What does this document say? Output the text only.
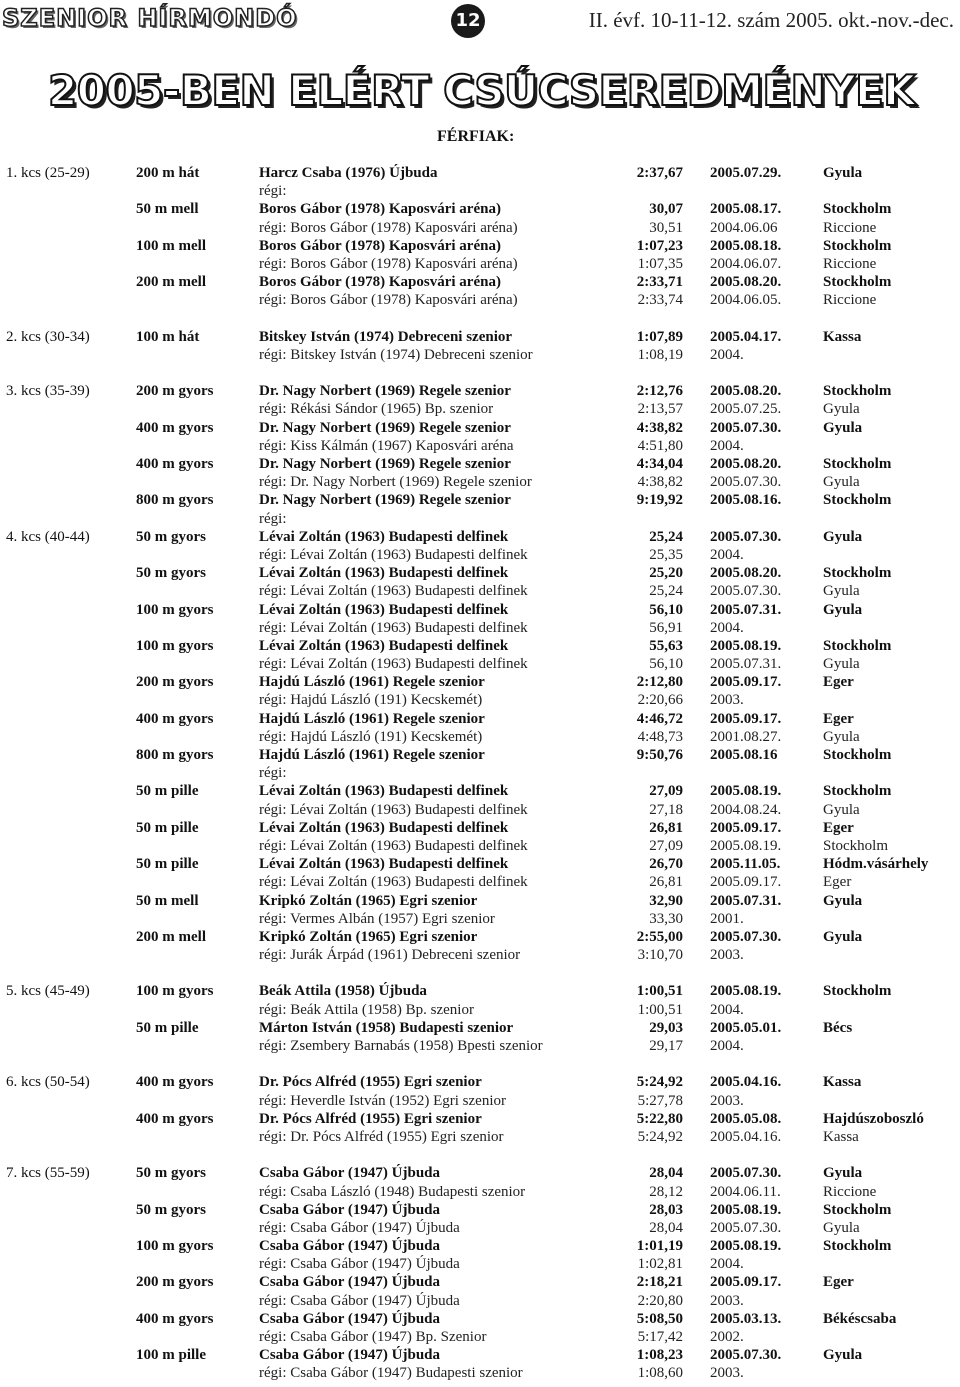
SZENIOR HÍRMONDÓ	12	II. évf. 10-11-12. szám 2005. okt.-nov.-dec.
2005-BEN ELÉRT CSÚCSEREDMÉNYEK
FÉRFIAK:
1. kcs (25-29)	200 m hát	Harcz Csaba (1976) Újbuda	2:37,67 2005.07.29.	Gyula
régi:
50 m mell	Boros Gábor (1978) Kaposvári aréna)	30,07 2005.08.17.	Stockholm
régi: Boros Gábor (1978) Kaposvári aréna)	30,51 2004.06.06	Riccione
100 m mell	Boros Gábor (1978) Kaposvári aréna)	1:07,23 2005.08.18.	Stockholm
régi: Boros Gábor (1978) Kaposvári aréna)	1:07,35 2004.06.07.	Riccione
200 m mell	Boros Gábor (1978) Kaposvári aréna)	2:33,71 2005.08.20.	Stockholm
régi: Boros Gábor (1978) Kaposvári aréna)	2:33,74 2004.06.05.	Riccione
2. kcs (30-34)	100 m hát	Bitskey István (1974) Debreceni szenior	1:07,89 2005.04.17.	Kassa
régi: Bitskey István (1974) Debreceni szenior	1:08,19 2004.
3. kcs (35-39)	200 m gyors	Dr. Nagy Norbert (1969) Regele szenior	2:12,76 2005.08.20.	Stockholm
régi: Rékási Sándor (1965) Bp. szenior	2:13,57 2005.07.25.	Gyula
400 m gyors	Dr. Nagy Norbert (1969) Regele szenior	4:38,82 2005.07.30.	Gyula
régi: Kiss Kálmán (1967) Kaposvári aréna	4:51,80 2004.
400 m gyors	Dr. Nagy Norbert (1969) Regele szenior	4:34,04 2005.08.20.	Stockholm
régi: Dr. Nagy Norbert (1969) Regele szenior	4:38,82 2005.07.30.	Gyula
800 m gyors	Dr. Nagy Norbert (1969) Regele szenior	9:19,92 2005.08.16.	Stockholm
régi:
4. kcs (40-44)	50 m gyors	Lévai Zoltán (1963) Budapesti delfinek	25,24 2005.07.30.	Gyula
régi: Lévai Zoltán (1963) Budapesti delfinek	25,35 2004.
50 m gyors	Lévai Zoltán (1963) Budapesti delfinek	25,20 2005.08.20.	Stockholm
régi: Lévai Zoltán (1963) Budapesti delfinek	25,24 2005.07.30.	Gyula
100 m gyors	Lévai Zoltán (1963) Budapesti delfinek	56,10 2005.07.31.	Gyula
régi: Lévai Zoltán (1963) Budapesti delfinek	56,91 2004.
100 m gyors	Lévai Zoltán (1963) Budapesti delfinek	55,63 2005.08.19.	Stockholm
régi: Lévai Zoltán (1963) Budapesti delfinek	56,10 2005.07.31.	Gyula
200 m gyors	Hajdú László (1961) Regele szenior	2:12,80 2005.09.17.	Eger
régi: Hajdú László (191) Kecskemét)	2:20,66 2003.
400 m gyors	Hajdú László (1961) Regele szenior	4:46,72 2005.09.17.	Eger
régi: Hajdú László (191) Kecskemét)	4:48,73 2001.08.27.	Gyula
800 m gyors	Hajdú László (1961) Regele szenior	9:50,76 2005.08.16	Stockholm
régi:
50 m pille	Lévai Zoltán (1963) Budapesti delfinek	27,09 2005.08.19.	Stockholm
régi: Lévai Zoltán (1963) Budapesti delfinek	27,18 2004.08.24.	Gyula
50 m pille	Lévai Zoltán (1963) Budapesti delfinek	26,81 2005.09.17.	Eger
régi: Lévai Zoltán (1963) Budapesti delfinek	27,09 2005.08.19.	Stockholm
50 m pille	Lévai Zoltán (1963) Budapesti delfinek	26,70 2005.11.05.	Hódm.vásárhely
régi: Lévai Zoltán (1963) Budapesti delfinek	26,81 2005.09.17.	Eger
50 m mell	Kripkó Zoltán (1965) Egri szenior	32,90 2005.07.31.	Gyula
régi: Vermes Albán (1957) Egri szenior	33,30 2001.
200 m mell	Kripkó Zoltán (1965) Egri szenior	2:55,00 2005.07.30.	Gyula
régi: Jurák Árpád (1961) Debreceni szenior	3:10,70 2003.
5. kcs (45-49)	100 m gyors	Beák Attila (1958) Újbuda	1:00,51 2005.08.19.	Stockholm
régi: Beák Attila (1958) Bp. szenior	1:00,51 2004.
50 m pille	Márton István (1958) Budapesti szenior	29,03 2005.05.01.	Bécs
régi: Zsembery Barnabás (1958) Bpesti szenior	29,17 2004.
6. kcs (50-54)	400 m gyors	Dr. Pócs Alfréd (1955) Egri szenior	5:24,92 2005.04.16.	Kassa
régi: Heverdle István (1952) Egri szenior	5:27,78 2003.
400 m gyors	Dr. Pócs Alfréd (1955) Egri szenior	5:22,80 2005.05.08.	Hajdúszoboszló
régi: Dr. Pócs Alfréd (1955) Egri szenior	5:24,92 2005.04.16.	Kassa
7. kcs (55-59)	50 m gyors	Csaba Gábor (1947) Újbuda	28,04 2005.07.30.	Gyula
régi: Csaba László (1948) Budapesti szenior	28,12 2004.06.11.	Riccione
50 m gyors	Csaba Gábor (1947) Újbuda	28,03 2005.08.19.	Stockholm
régi: Csaba Gábor (1947) Újbuda	28,04 2005.07.30.	Gyula
100 m gyors	Csaba Gábor (1947) Újbuda	1:01,19 2005.08.19.	Stockholm
régi: Csaba Gábor (1947) Újbuda	1:02,81 2004.
200 m gyors	Csaba Gábor (1947) Újbuda	2:18,21 2005.09.17.	Eger
régi: Csaba Gábor (1947) Újbuda	2:20,80 2003.
400 m gyors	Csaba Gábor (1947) Újbuda	5:08,50 2005.03.13.	Békéscsaba
régi: Csaba Gábor (1947) Bp. Szenior	5:17,42 2002.
100 m pille	Csaba Gábor (1947) Újbuda	1:08,23 2005.07.30.	Gyula
régi: Csaba Gábor (1947) Budapesti szenior	1:08,60 2003.
